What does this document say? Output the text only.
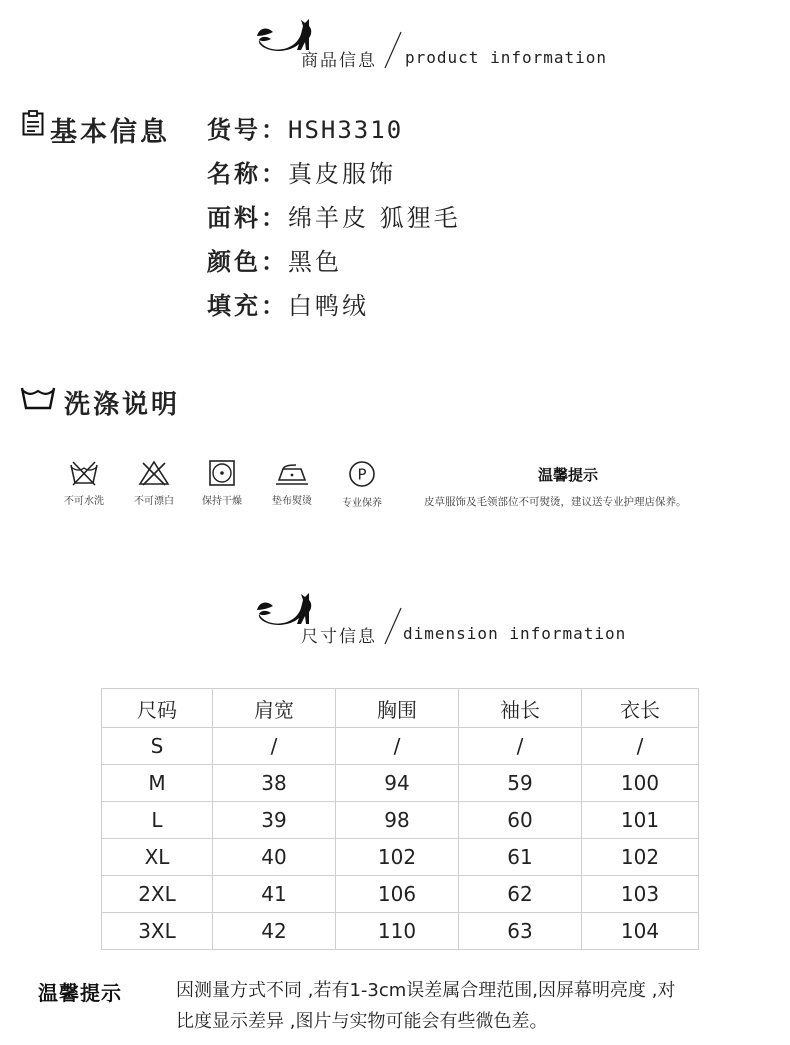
商品信息 product information
基本信息 货号：HSH3310
名称：真皮服饰
面料：绵羊皮 狐狸毛
颜色：黑色
填充：白鸭绒
洗涤说明
不可水洗	不可漂白	保持干燥	垫布熨烫
P
专业保养
温馨提示
皮草服饰及毛领部位不可熨烫，建议送专业护理店保养。
尺寸信息 dimension information
尺码	肩宽	胸围	袖长	衣长
S	/	/	/	/
M	38	94	59	100
L	39	98	60	101
XL	40	102	61	102
2XL	41	106	62	103
3XL	42	110	63	104
温馨提示	因测量方式不同 ,若有1-3cm误差属合理范围,因屏幕明亮度 ,对
比度显示差异 ,图片与实物可能会有些微色差。
